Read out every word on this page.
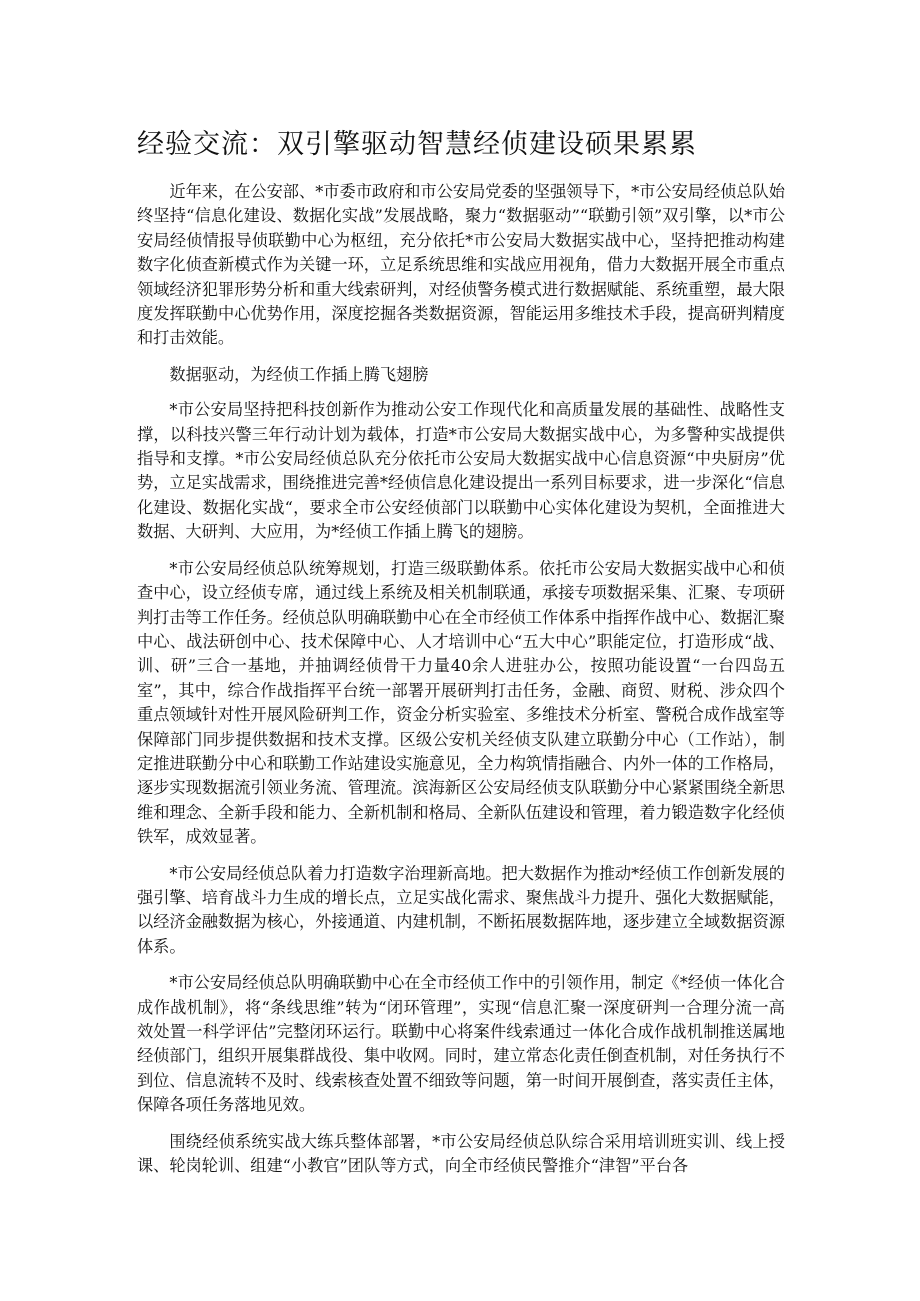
经验交流：双引擎驱动智慧经侦建设硕果累累

近年来，在公安部、*市委市政府和市公安局党委的坚强领导下，*市公安局经侦总队始终坚持“信息化建设、数据化实战”发展战略，聚力“数据驱动”“联勤引领”双引擎，以*市公安局经侦情报导侦联勤中心为枢纽，充分依托*市公安局大数据实战中心，坚持把推动构建数字化侦查新模式作为关键一环，立足系统思维和实战应用视角，借力大数据开展全市重点领域经济犯罪形势分析和重大线索研判，对经侦警务模式进行数据赋能、系统重塑，最大限度发挥联勤中心优势作用，深度挖掘各类数据资源，智能运用多维技术手段，提高研判精度和打击效能。

数据驱动，为经侦工作插上腾飞翅膀

*市公安局坚持把科技创新作为推动公安工作现代化和高质量发展的基础性、战略性支撑，以科技兴警三年行动计划为载体，打造*市公安局大数据实战中心，为多警种实战提供指导和支撑。*市公安局经侦总队充分依托市公安局大数据实战中心信息资源“中央厨房”优势，立足实战需求，围绕推进完善*经侦信息化建设提出一系列目标要求，进一步深化“信息化建设、数据化实战“，要求全市公安经侦部门以联勤中心实体化建设为契机，全面推进大数据、大研判、大应用，为*经侦工作插上腾飞的翅膀。

*市公安局经侦总队统筹规划，打造三级联勤体系。依托市公安局大数据实战中心和侦查中心，设立经侦专席，通过线上系统及相关机制联通，承接专项数据采集、汇聚、专项研判打击等工作任务。经侦总队明确联勤中心在全市经侦工作体系中指挥作战中心、数据汇聚中心、战法研创中心、技术保障中心、人才培训中心“五大中心”职能定位，打造形成“战、训、研”三合一基地，并抽调经侦骨干力量40余人进驻办公，按照功能设置“一台四岛五室”，其中，综合作战指挥平台统一部署开展研判打击任务，金融、商贸、财税、涉众四个重点领域针对性开展风险研判工作，资金分析实验室、多维技术分析室、警税合成作战室等保障部门同步提供数据和技术支撑。区级公安机关经侦支队建立联勤分中心（工作站），制定推进联勤分中心和联勤工作站建设实施意见，全力构筑情指融合、内外一体的工作格局，逐步实现数据流引领业务流、管理流。滨海新区公安局经侦支队联勤分中心紧紧围绕全新思维和理念、全新手段和能力、全新机制和格局、全新队伍建设和管理，着力锻造数字化经侦铁军，成效显著。

*市公安局经侦总队着力打造数字治理新高地。把大数据作为推动*经侦工作创新发展的强引擎、培育战斗力生成的增长点，立足实战化需求、聚焦战斗力提升、强化大数据赋能，以经济金融数据为核心，外接通道、内建机制，不断拓展数据阵地，逐步建立全域数据资源体系。

*市公安局经侦总队明确联勤中心在全市经侦工作中的引领作用，制定《*经侦一体化合成作战机制》，将“条线思维”转为“闭环管理”，实现“信息汇聚一深度研判一合理分流一高效处置一科学评估”完整闭环运行。联勤中心将案件线索通过一体化合成作战机制推送属地经侦部门，组织开展集群战役、集中收网。同时，建立常态化责任倒查机制，对任务执行不到位、信息流转不及时、线索核查处置不细致等问题，第一时间开展倒查，落实责任主体，保障各项任务落地见效。

围绕经侦系统实战大练兵整体部署，*市公安局经侦总队综合采用培训班实训、线上授课、轮岗轮训、组建“小教官”团队等方式，向全市经侦民警推介“津智”平台各
